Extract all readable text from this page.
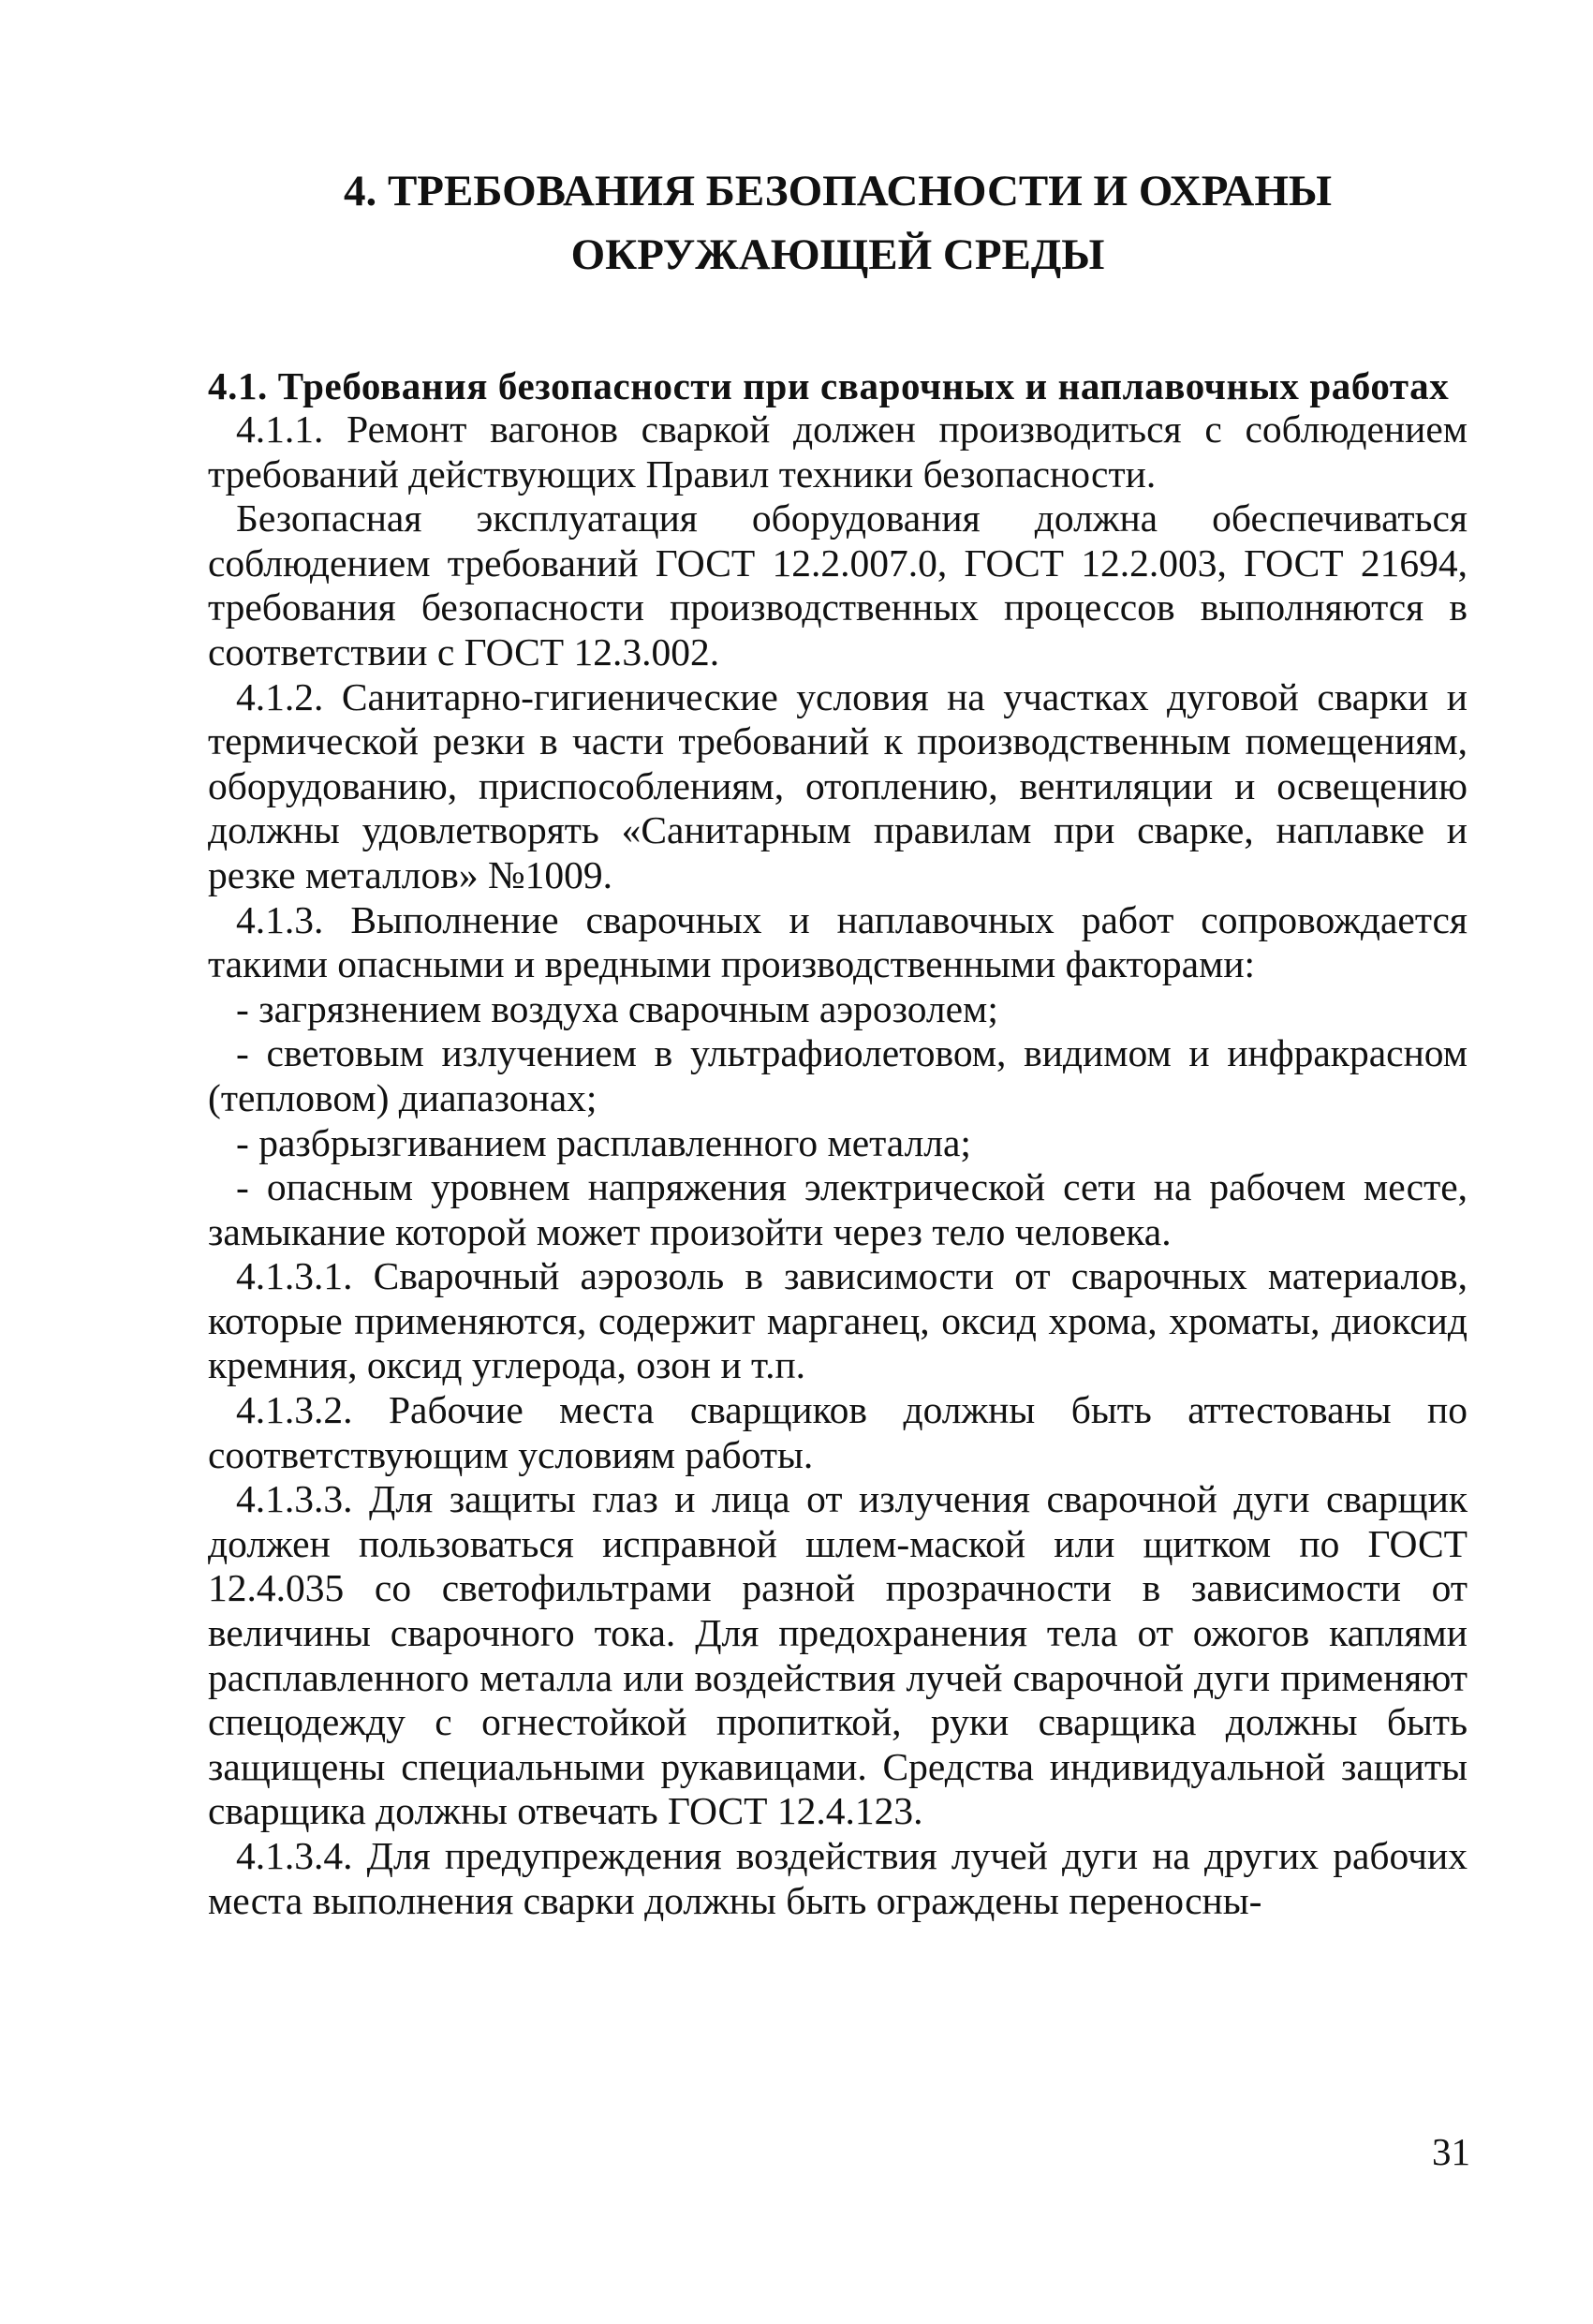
4. ТРЕБОВАНИЯ БЕЗОПАСНОСТИ И ОХРАНЫ
ОКРУЖАЮЩЕЙ СРЕДЫ
4.1. Требования безопасности при сварочных и наплавочных работах

4.1.1. Ремонт вагонов сваркой должен производиться с соблюдением требований действующих Правил техники безопасности.

Безопасная эксплуатация оборудования должна обеспечиваться соблюдением требований ГОСТ 12.2.007.0, ГОСТ 12.2.003, ГОСТ 21694, требования безопасности производственных процессов выполняются в соответствии с ГОСТ 12.3.002.

4.1.2. Санитарно-гигиенические условия на участках дуговой сварки и термической резки в части требований к производственным помещениям, оборудованию, приспособлениям, отоплению, вентиляции и освещению должны удовлетворять «Санитарным правилам при сварке, наплавке и резке металлов» №1009.

4.1.3. Выполнение сварочных и наплавочных работ сопровождается такими опасными и вредными производственными факторами:

- загрязнением воздуха сварочным аэрозолем;

- световым излучением в ультрафиолетовом, видимом и инфракрасном (тепловом) диапазонах;

- разбрызгиванием расплавленного металла;

- опасным уровнем напряжения электрической сети на рабочем месте, замыкание которой может произойти через тело человека.

4.1.3.1. Сварочный аэрозоль в зависимости от сварочных материалов, которые применяются, содержит марганец, оксид хрома, хроматы, диоксид кремния, оксид углерода, озон и т.п.

4.1.3.2. Рабочие места сварщиков должны быть аттестованы по соответствующим условиям работы.

4.1.3.3. Для защиты глаз и лица от излучения сварочной дуги сварщик должен пользоваться исправной шлем-маской или щитком по ГОСТ 12.4.035 со светофильтрами разной прозрачности в зависимости от величины сварочного тока. Для предохранения тела от ожогов каплями расплавленного металла или воздействия лучей сварочной дуги применяют спецодежду с огнестойкой пропиткой, руки сварщика должны быть защищены специальными рукавицами. Средства индивидуальной защиты сварщика должны отвечать ГОСТ 12.4.123.

4.1.3.4. Для предупреждения воздействия лучей дуги на других рабочих места выполнения сварки должны быть ограждены переносны-

31
